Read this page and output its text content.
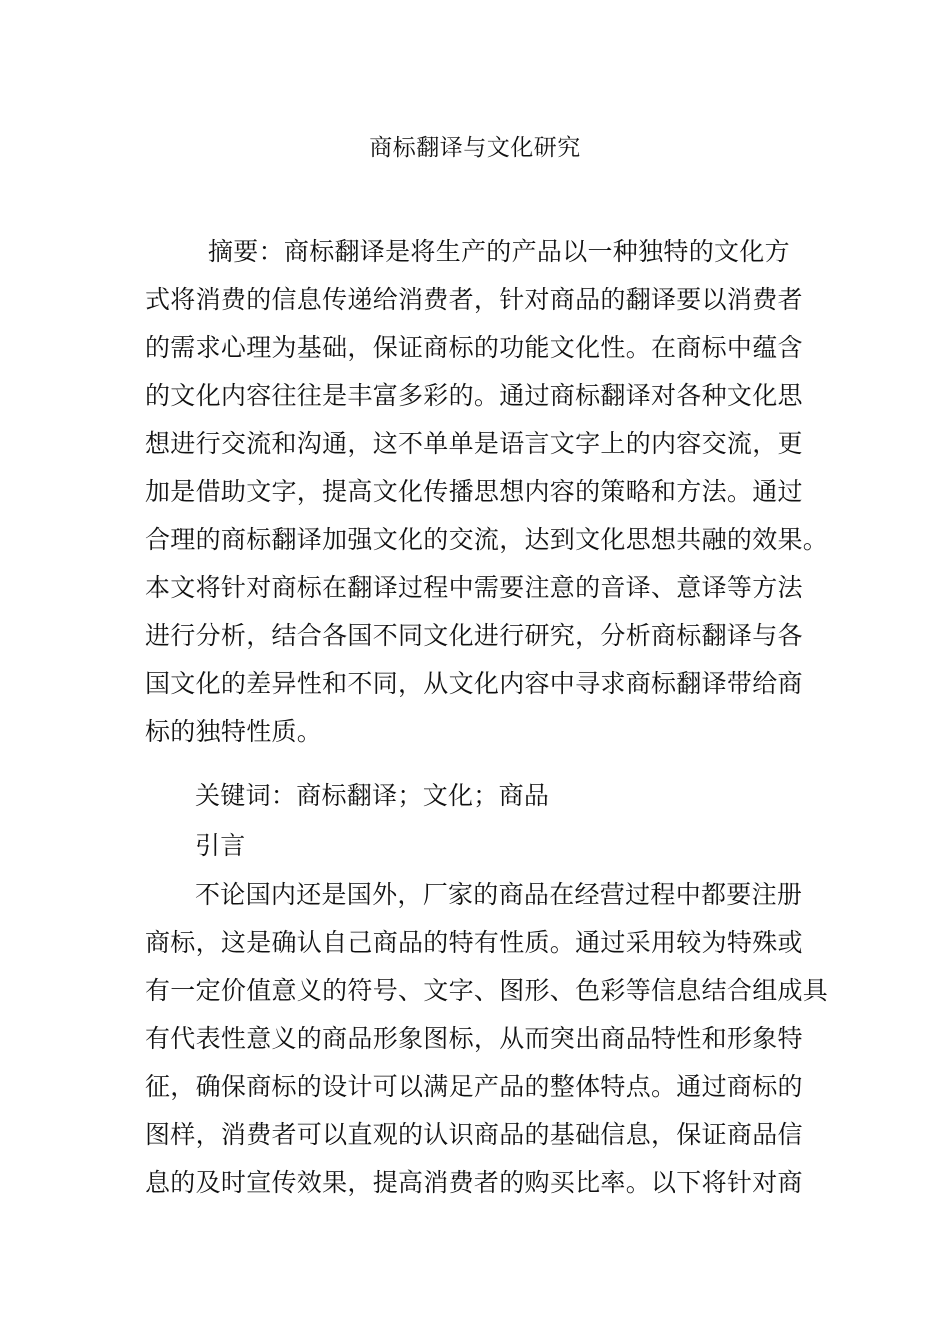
商标翻译与文化研究
摘要：商标翻译是将生产的产品以一种独特的文化方
式将消费的信息传递给消费者，针对商品的翻译要以消费者
的需求心理为基础，保证商标的功能文化性。在商标中蕴含
的文化内容往往是丰富多彩的。通过商标翻译对各种文化思
想进行交流和沟通，这不单单是语言文字上的内容交流，更
加是借助文字，提高文化传播思想内容的策略和方法。通过
合理的商标翻译加强文化的交流，达到文化思想共融的效果。
本文将针对商标在翻译过程中需要注意的音译、意译等方法
进行分析，结合各国不同文化进行研究，分析商标翻译与各
国文化的差异性和不同，从文化内容中寻求商标翻译带给商
标的独特性质。
关键词：商标翻译；文化；商品
引言
不论国内还是国外，厂家的商品在经营过程中都要注册
商标，这是确认自己商品的特有性质。通过采用较为特殊或
有一定价值意义的符号、文字、图形、色彩等信息结合组成具
有代表性意义的商品形象图标，从而突出商品特性和形象特
征，确保商标的设计可以满足产品的整体特点。通过商标的
图样，消费者可以直观的认识商品的基础信息，保证商品信
息的及时宣传效果，提高消费者的购买比率。以下将针对商
